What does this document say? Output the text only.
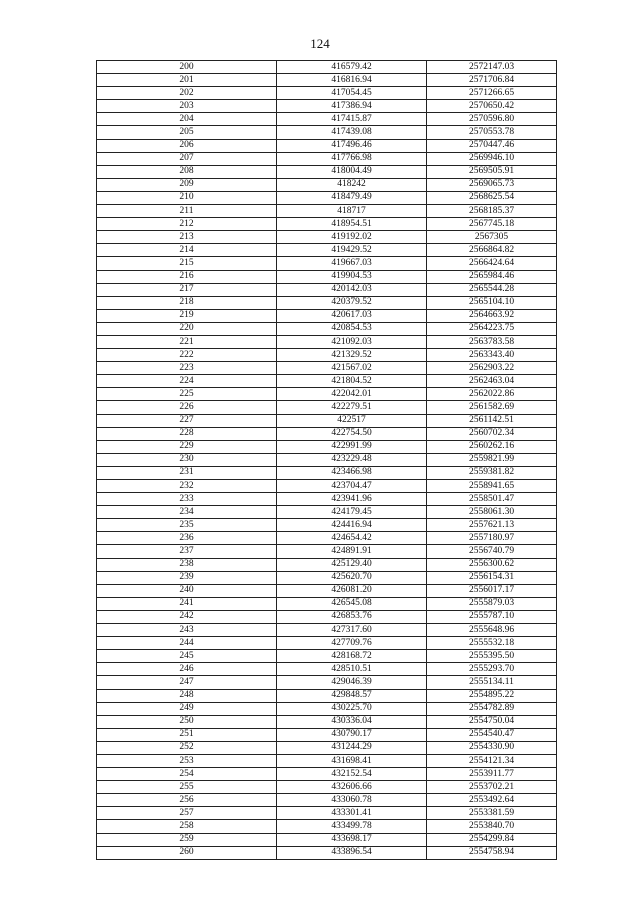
124
200	416579.42	2572147.03
201	416816.94	2571706.84
202	417054.45	2571266.65
203	417386.94	2570650.42
204	417415.87	2570596.80
205	417439.08	2570553.78
206	417496.46	2570447.46
207	417766.98	2569946.10
208	418004.49	2569505.91
209	418242	2569065.73
210	418479.49	2568625.54
211	418717	2568185.37
212	418954.51	2567745.18
213	419192.02	2567305
214	419429.52	2566864.82
215	419667.03	2566424.64
216	419904.53	2565984.46
217	420142.03	2565544.28
218	420379.52	2565104.10
219	420617.03	2564663.92
220	420854.53	2564223.75
221	421092.03	2563783.58
222	421329.52	2563343.40
223	421567.02	2562903.22
224	421804.52	2562463.04
225	422042.01	2562022.86
226	422279.51	2561582.69
227	422517	2561142.51
228	422754.50	2560702.34
229	422991.99	2560262.16
230	423229.48	2559821.99
231	423466.98	2559381.82
232	423704.47	2558941.65
233	423941.96	2558501.47
234	424179.45	2558061.30
235	424416.94	2557621.13
236	424654.42	2557180.97
237	424891.91	2556740.79
238	425129.40	2556300.62
239	425620.70	2556154.31
240	426081.20	2556017.17
241	426545.08	2555879.03
242	426853.76	2555787.10
243	427317.60	2555648.96
244	427709.76	2555532.18
245	428168.72	2555395.50
246	428510.51	2555293.70
247	429046.39	2555134.11
248	429848.57	2554895.22
249	430225.70	2554782.89
250	430336.04	2554750.04
251	430790.17	2554540.47
252	431244.29	2554330.90
253	431698.41	2554121.34
254	432152.54	2553911.77
255	432606.66	2553702.21
256	433060.78	2553492.64
257	433301.41	2553381.59
258	433499.78	2553840.70
259	433698.17	2554299.84
260	433896.54	2554758.94
